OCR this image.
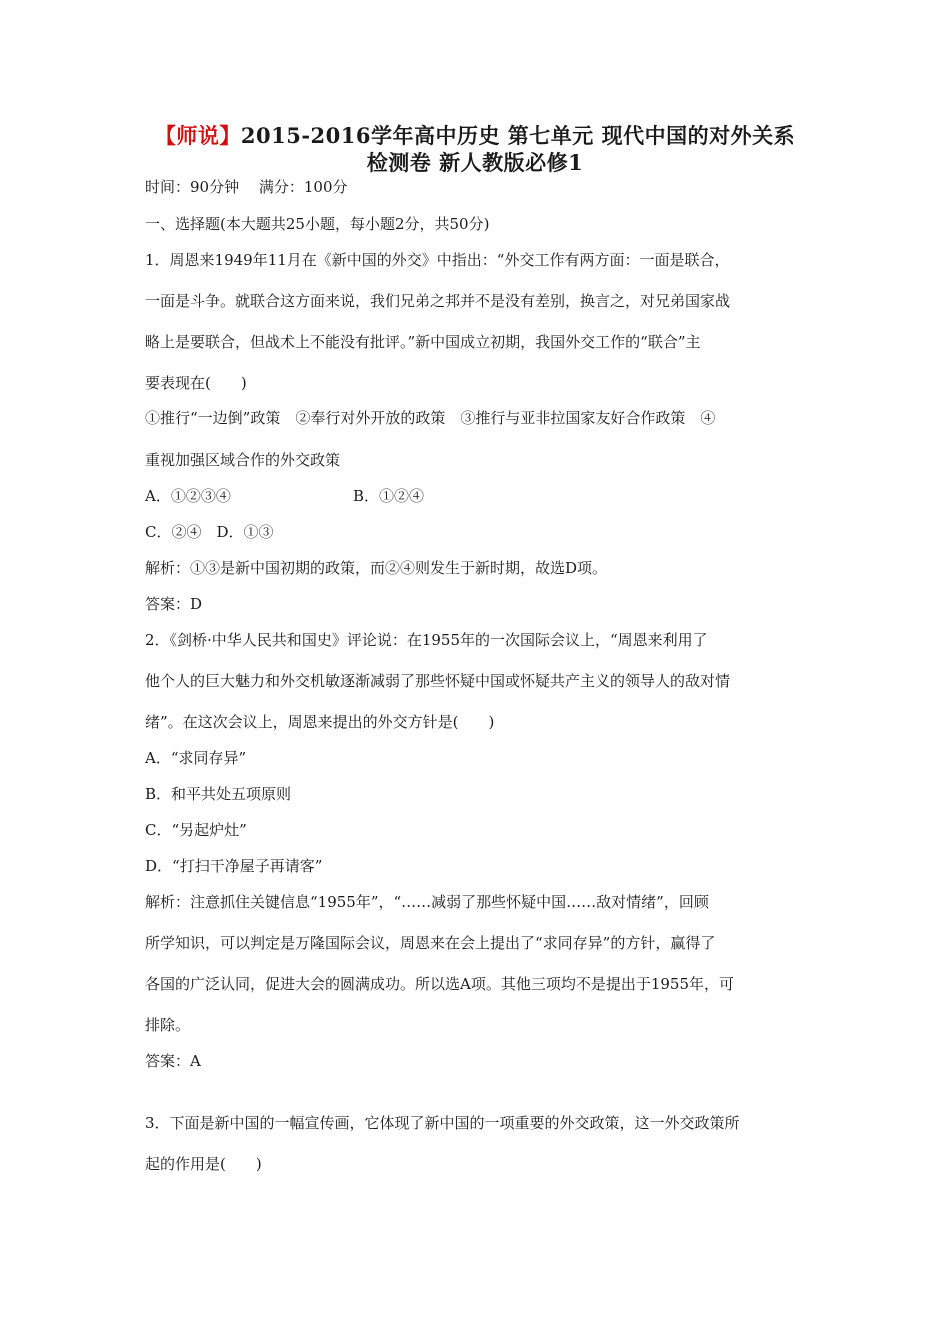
【师说】2015-2016学年高中历史 第七单元 现代中国的对外关系
检测卷 新人教版必修1
时间：90分钟　 满分：100分
一、选择题(本大题共25小题，每小题2分，共50分)
1．周恩来1949年11月在《新中国的外交》中指出：“外交工作有两方面：一面是联合，
一面是斗争。就联合这方面来说，我们兄弟之邦并不是没有差别，换言之，对兄弟国家战
略上是要联合，但战术上不能没有批评。”新中国成立初期，我国外交工作的“联合”主
要表现在(　　)
①推行“一边倒”政策　②奉行对外开放的政策　③推行与亚非拉国家友好合作政策　④
重视加强区域合作的外交政策
A．①②③④	B．①②④
C．②④　D．①③
解析：①③是新中国初期的政策，而②④则发生于新时期，故选D项。
答案：D
2．《剑桥·中华人民共和国史》评论说：在1955年的一次国际会议上，“周恩来利用了
他个人的巨大魅力和外交机敏逐渐减弱了那些怀疑中国或怀疑共产主义的领导人的敌对情
绪”。在这次会议上，周恩来提出的外交方针是(　　)
A．“求同存异”
B．和平共处五项原则
C．“另起炉灶”
D．“打扫干净屋子再请客”
解析：注意抓住关键信息“1955年”，“……减弱了那些怀疑中国……敌对情绪”，回顾
所学知识，可以判定是万隆国际会议，周恩来在会上提出了“求同存异”的方针，赢得了
各国的广泛认同，促进大会的圆满成功。所以选A项。其他三项均不是提出于1955年，可
排除。
答案：A
3．下面是新中国的一幅宣传画，它体现了新中国的一项重要的外交政策，这一外交政策所
起的作用是(　　)
